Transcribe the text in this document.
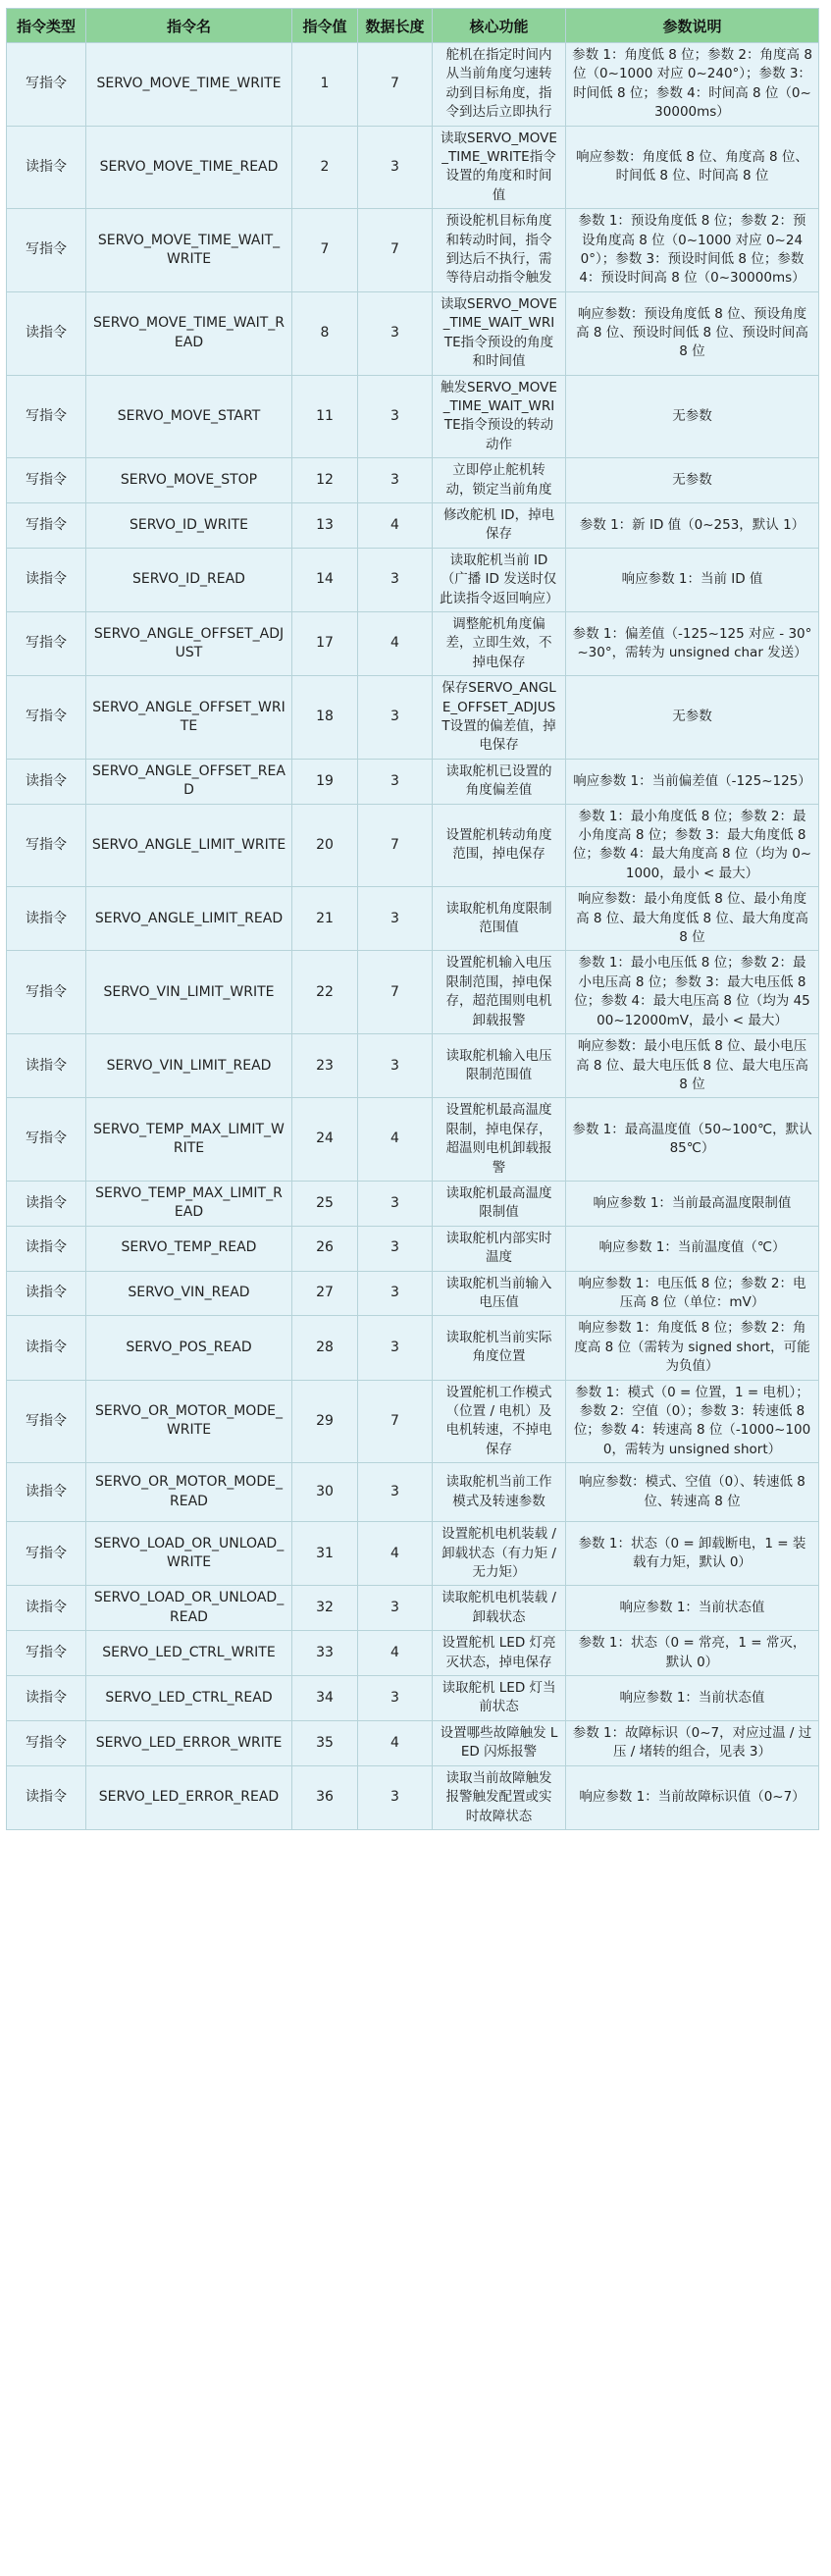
指令类型	指令名	指令值	数据长度	核心功能	参数说明
写指令	SERVO_MOVE_TIME_WRITE	1	7	舵机在指定时间内从当前角度匀速转动到目标角度，指令到达后立即执行	参数 1：角度低 8 位；参数 2：角度高 8 位（0~1000 对应 0~240°）；参数 3：时间低 8 位；参数 4：时间高 8 位（0~30000ms）
读指令	SERVO_MOVE_TIME_READ	2	3	读取SERVO_MOVE_TIME_WRITE指令设置的角度和时间值	响应参数：角度低 8 位、角度高 8 位、时间低 8 位、时间高 8 位
写指令	SERVO_MOVE_TIME_WAIT_WRITE	7	7	预设舵机目标角度和转动时间，指令到达后不执行，需等待启动指令触发	参数 1：预设角度低 8 位；参数 2：预设角度高 8 位（0~1000 对应 0~240°）；参数 3：预设时间低 8 位；参数 4：预设时间高 8 位（0~30000ms）
读指令	SERVO_MOVE_TIME_WAIT_READ	8	3	读取SERVO_MOVE_TIME_WAIT_WRITE指令预设的角度和时间值	响应参数：预设角度低 8 位、预设角度高 8 位、预设时间低 8 位、预设时间高 8 位
写指令	SERVO_MOVE_START	11	3	触发SERVO_MOVE_TIME_WAIT_WRITE指令预设的转动动作	无参数
写指令	SERVO_MOVE_STOP	12	3	立即停止舵机转动，锁定当前角度	无参数
写指令	SERVO_ID_WRITE	13	4	修改舵机 ID，掉电保存	参数 1：新 ID 值（0~253，默认 1）
读指令	SERVO_ID_READ	14	3	读取舵机当前 ID（广播 ID 发送时仅此读指令返回响应）	响应参数 1：当前 ID 值
写指令	SERVO_ANGLE_OFFSET_ADJUST	17	4	调整舵机角度偏差，立即生效，不掉电保存	参数 1：偏差值（-125~125 对应 - 30°~30°，需转为 unsigned char 发送）
写指令	SERVO_ANGLE_OFFSET_WRITE	18	3	保存SERVO_ANGLE_OFFSET_ADJUST设置的偏差值，掉电保存	无参数
读指令	SERVO_ANGLE_OFFSET_READ	19	3	读取舵机已设置的角度偏差值	响应参数 1：当前偏差值（-125~125）
写指令	SERVO_ANGLE_LIMIT_WRITE	20	7	设置舵机转动角度范围，掉电保存	参数 1：最小角度低 8 位；参数 2：最小角度高 8 位；参数 3：最大角度低 8 位；参数 4：最大角度高 8 位（均为 0~1000，最小 < 最大）
读指令	SERVO_ANGLE_LIMIT_READ	21	3	读取舵机角度限制范围值	响应参数：最小角度低 8 位、最小角度高 8 位、最大角度低 8 位、最大角度高 8 位
写指令	SERVO_VIN_LIMIT_WRITE	22	7	设置舵机输入电压限制范围，掉电保存，超范围则电机卸载报警	参数 1：最小电压低 8 位；参数 2：最小电压高 8 位；参数 3：最大电压低 8 位；参数 4：最大电压高 8 位（均为 4500~12000mV，最小 < 最大）
读指令	SERVO_VIN_LIMIT_READ	23	3	读取舵机输入电压限制范围值	响应参数：最小电压低 8 位、最小电压高 8 位、最大电压低 8 位、最大电压高 8 位
写指令	SERVO_TEMP_MAX_LIMIT_WRITE	24	4	设置舵机最高温度限制，掉电保存，超温则电机卸载报警	参数 1：最高温度值（50~100℃，默认 85℃）
读指令	SERVO_TEMP_MAX_LIMIT_READ	25	3	读取舵机最高温度限制值	响应参数 1：当前最高温度限制值
读指令	SERVO_TEMP_READ	26	3	读取舵机内部实时温度	响应参数 1：当前温度值（℃）
读指令	SERVO_VIN_READ	27	3	读取舵机当前输入电压值	响应参数 1：电压低 8 位；参数 2：电压高 8 位（单位：mV）
读指令	SERVO_POS_READ	28	3	读取舵机当前实际角度位置	响应参数 1：角度低 8 位；参数 2：角度高 8 位（需转为 signed short，可能为负值）
写指令	SERVO_OR_MOTOR_MODE_WRITE	29	7	设置舵机工作模式（位置 / 电机）及电机转速，不掉电保存	参数 1：模式（0 = 位置，1 = 电机）；参数 2：空值（0）；参数 3：转速低 8 位；参数 4：转速高 8 位（-1000~1000，需转为 unsigned short）
读指令	SERVO_OR_MOTOR_MODE_READ	30	3	读取舵机当前工作模式及转速参数	响应参数：模式、空值（0）、转速低 8 位、转速高 8 位
写指令	SERVO_LOAD_OR_UNLOAD_WRITE	31	4	设置舵机电机装载 / 卸载状态（有力矩 / 无力矩）	参数 1：状态（0 = 卸载断电，1 = 装载有力矩，默认 0）
读指令	SERVO_LOAD_OR_UNLOAD_READ	32	3	读取舵机电机装载 / 卸载状态	响应参数 1：当前状态值
写指令	SERVO_LED_CTRL_WRITE	33	4	设置舵机 LED 灯亮灭状态，掉电保存	参数 1：状态（0 = 常亮，1 = 常灭，默认 0）
读指令	SERVO_LED_CTRL_READ	34	3	读取舵机 LED 灯当前状态	响应参数 1：当前状态值
写指令	SERVO_LED_ERROR_WRITE	35	4	设置哪些故障触发 LED 闪烁报警	参数 1：故障标识（0~7，对应过温 / 过压 / 堵转的组合，见表 3）
读指令	SERVO_LED_ERROR_READ	36	3	读取当前故障触发报警触发配置或实时故障状态	响应参数 1：当前故障标识值（0~7）
